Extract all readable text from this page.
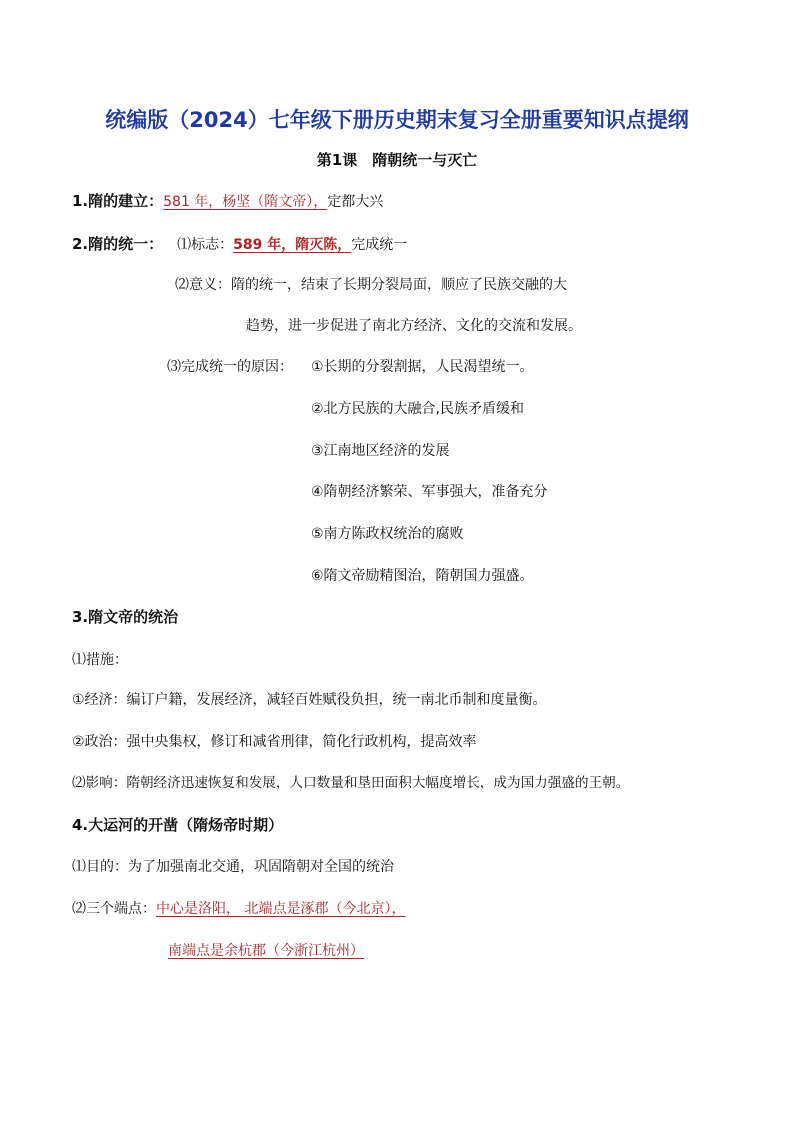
统编版（2024）七年级下册历史期末复习全册重要知识点提纲
第1课　隋朝统一与灭亡
1.隋的建立：581 年，杨坚（隋文帝），定都大兴
2.隋的统一： ⑴标志：589 年，隋灭陈，完成统一
⑵意义：隋的统一，结束了长期分裂局面，顺应了民族交融的大
趋势，进一步促进了南北方经济、文化的交流和发展。
⑶完成统一的原因： ①长期的分裂割据，人民渴望统一。
②北方民族的大融合,民族矛盾缓和
③江南地区经济的发展
④隋朝经济繁荣、军事强大，准备充分
⑤南方陈政权统治的腐败
⑥隋文帝励精图治，隋朝国力强盛。
3.隋文帝的统治
⑴措施：
①经济：编订户籍，发展经济，减轻百姓赋役负担，统一南北币制和度量衡。
②政治：强中央集权，修订和减省刑律，简化行政机构，提高效率
⑵影响：隋朝经济迅速恢复和发展，人口数量和垦田面积大幅度增长，成为国力强盛的王朝。
4.大运河的开凿（隋炀帝时期）
⑴目的：为了加强南北交通，巩固隋朝对全国的统治
⑵三个端点：中心是洛阳， 北端点是涿郡（今北京），
南端点是余杭郡（今浙江杭州）
